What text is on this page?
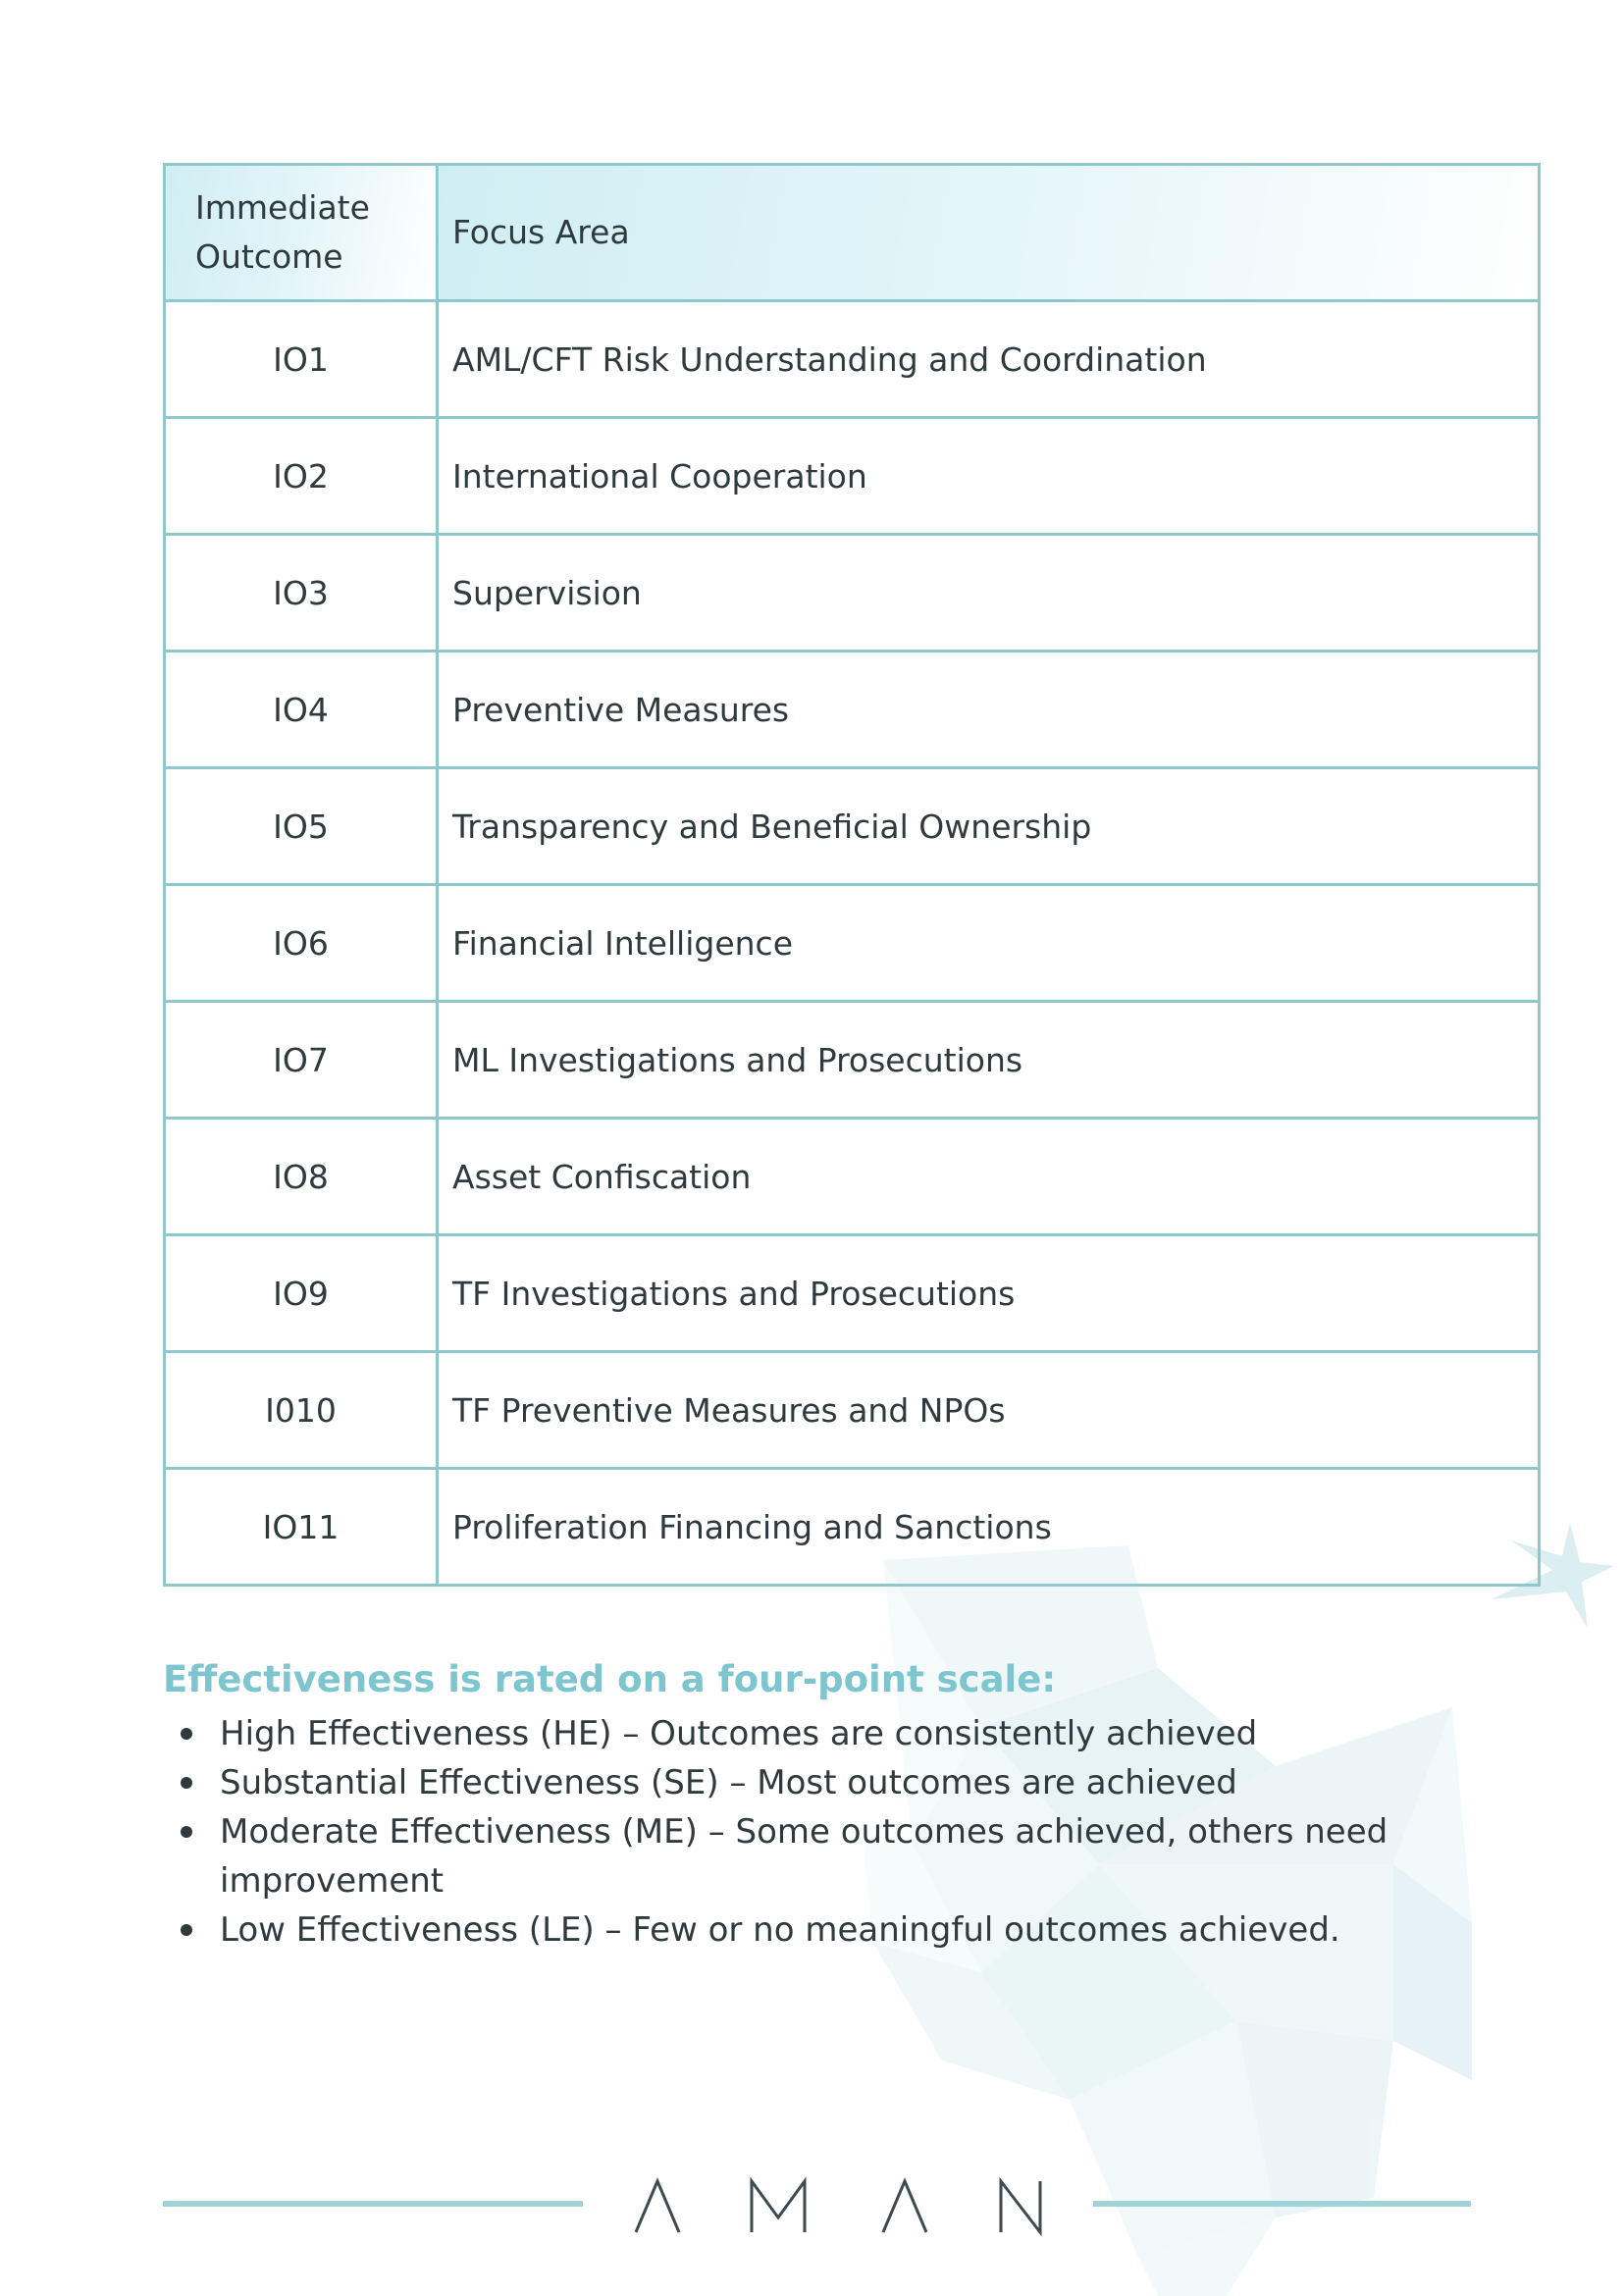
Immediate Outcome	Focus Area
IO1	AML/CFT Risk Understanding and Coordination
IO2	International Cooperation
IO3	Supervision
IO4	Preventive Measures
IO5	Transparency and Beneficial Ownership
IO6	Financial Intelligence
IO7	ML Investigations and Prosecutions
IO8	Asset Confiscation
IO9	TF Investigations and Prosecutions
I010	TF Preventive Measures and NPOs
IO11	Proliferation Financing and Sanctions
Effectiveness is rated on a four-point scale:
High Effectiveness (HE) – Outcomes are consistently achieved
Substantial Effectiveness (SE) – Most outcomes are achieved
Moderate Effectiveness (ME) – Some outcomes achieved, others need improvement
Low Effectiveness (LE) – Few or no meaningful outcomes achieved.
